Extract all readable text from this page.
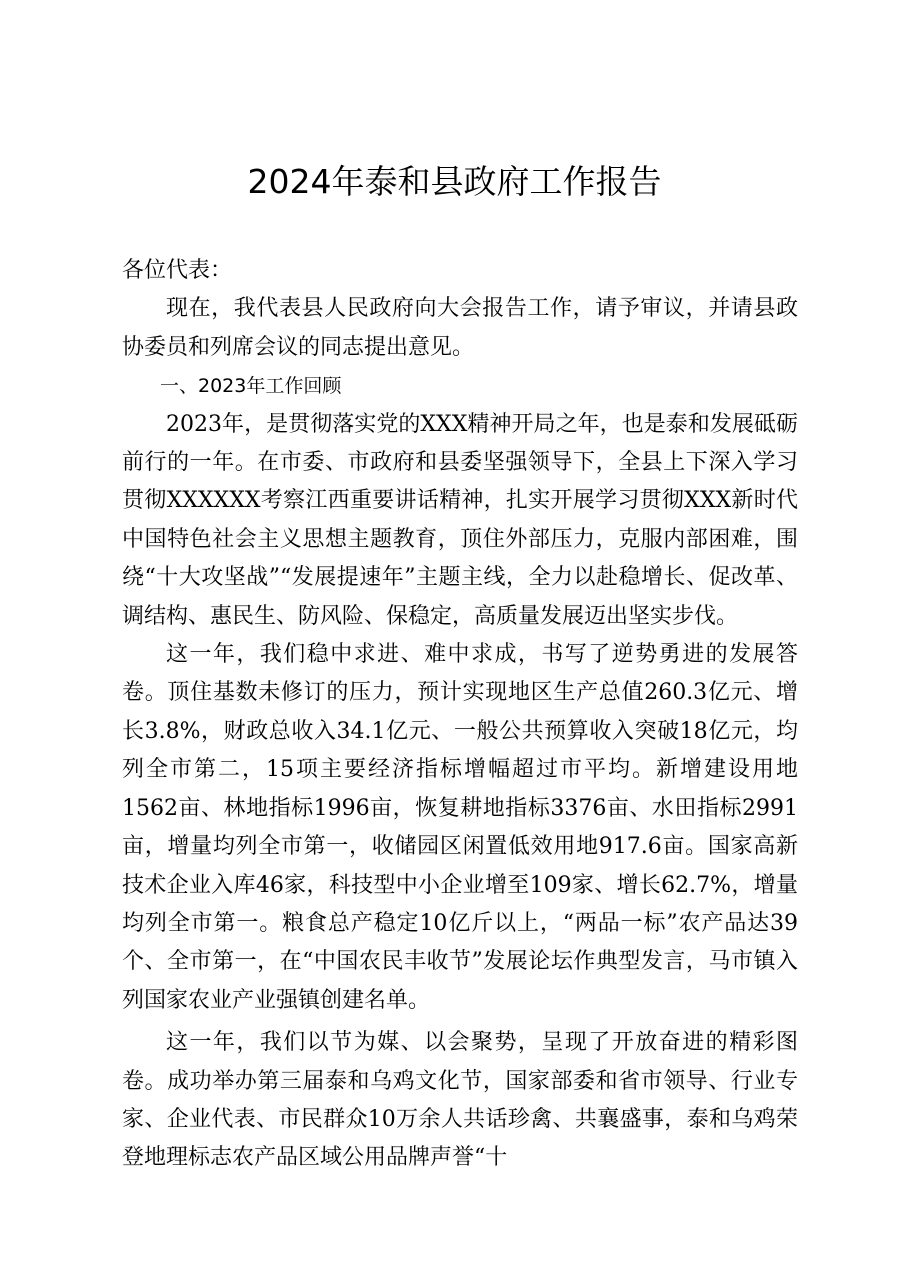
2024年泰和县政府工作报告

各位代表：

现在，我代表县人民政府向大会报告工作，请予审议，并请县政协委员和列席会议的同志提出意见。

一、2023年工作回顾

2023年，是贯彻落实党的XXX精神开局之年，也是泰和发展砥砺前行的一年。在市委、市政府和县委坚强领导下，全县上下深入学习贯彻XXXXXX考察江西重要讲话精神，扎实开展学习贯彻XXX新时代中国特色社会主义思想主题教育，顶住外部压力，克服内部困难，围绕“十大攻坚战”“发展提速年”主题主线，全力以赴稳增长、促改革、调结构、惠民生、防风险、保稳定，高质量发展迈出坚实步伐。

这一年，我们稳中求进、难中求成，书写了逆势勇进的发展答卷。顶住基数未修订的压力，预计实现地区生产总值260.3亿元、增长3.8%，财政总收入34.1亿元、一般公共预算收入突破18亿元，均列全市第二，15项主要经济指标增幅超过市平均。新增建设用地1562亩、林地指标1996亩，恢复耕地指标3376亩、水田指标2991亩，增量均列全市第一，收储园区闲置低效用地917.6亩。国家高新技术企业入库46家，科技型中小企业增至109家、增长62.7%，增量均列全市第一。粮食总产稳定10亿斤以上，“两品一标”农产品达39个、全市第一，在“中国农民丰收节”发展论坛作典型发言，马市镇入列国家农业产业强镇创建名单。

这一年，我们以节为媒、以会聚势，呈现了开放奋进的精彩图卷。成功举办第三届泰和乌鸡文化节，国家部委和省市领导、行业专家、企业代表、市民群众10万余人共话珍禽、共襄盛事，泰和乌鸡荣登地理标志农产品区域公用品牌声誉“十
